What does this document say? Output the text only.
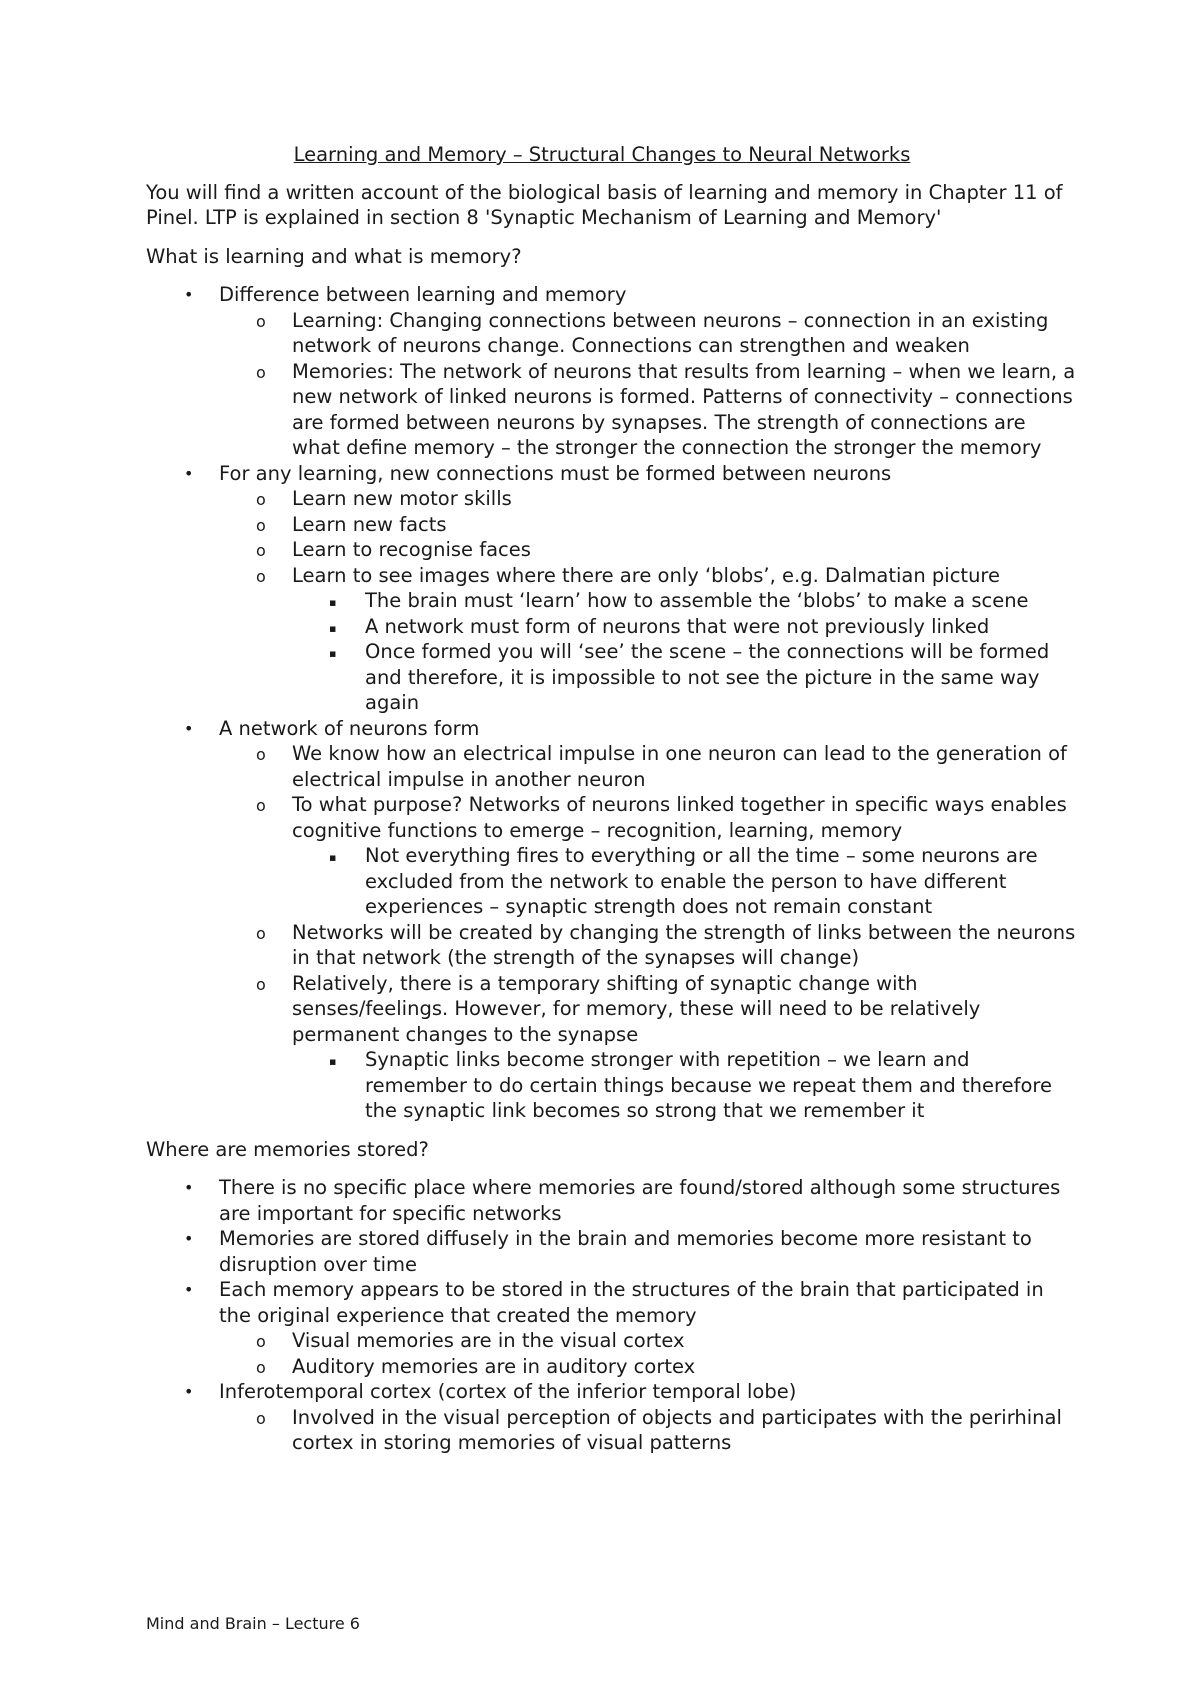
Learning and Memory – Structural Changes to Neural Networks

You will find a written account of the biological basis of learning and memory in Chapter 11 of Pinel. LTP is explained in section 8 'Synaptic Mechanism of Learning and Memory'

What is learning and what is memory?

• Difference between learning and memory
o Learning: Changing connections between neurons – connection in an existing network of neurons change. Connections can strengthen and weaken
o Memories: The network of neurons that results from learning – when we learn, a new network of linked neurons is formed. Patterns of connectivity – connections are formed between neurons by synapses. The strength of connections are what define memory – the stronger the connection the stronger the memory
• For any learning, new connections must be formed between neurons
o Learn new motor skills
o Learn new facts
o Learn to recognise faces
o Learn to see images where there are only ‘blobs’, e.g. Dalmatian picture
▪ The brain must ‘learn’ how to assemble the ‘blobs’ to make a scene
▪ A network must form of neurons that were not previously linked
▪ Once formed you will ‘see’ the scene – the connections will be formed and therefore, it is impossible to not see the picture in the same way again
• A network of neurons form
o We know how an electrical impulse in one neuron can lead to the generation of electrical impulse in another neuron
o To what purpose? Networks of neurons linked together in specific ways enables cognitive functions to emerge – recognition, learning, memory
▪ Not everything fires to everything or all the time – some neurons are excluded from the network to enable the person to have different experiences – synaptic strength does not remain constant
o Networks will be created by changing the strength of links between the neurons in that network (the strength of the synapses will change)
o Relatively, there is a temporary shifting of synaptic change with senses/feelings. However, for memory, these will need to be relatively permanent changes to the synapse
▪ Synaptic links become stronger with repetition – we learn and remember to do certain things because we repeat them and therefore the synaptic link becomes so strong that we remember it

Where are memories stored?

• There is no specific place where memories are found/stored although some structures are important for specific networks
• Memories are stored diffusely in the brain and memories become more resistant to disruption over time
• Each memory appears to be stored in the structures of the brain that participated in the original experience that created the memory
o Visual memories are in the visual cortex
o Auditory memories are in auditory cortex
• Inferotemporal cortex (cortex of the inferior temporal lobe)
o Involved in the visual perception of objects and participates with the perirhinal cortex in storing memories of visual patterns
Mind and Brain – Lecture 6
